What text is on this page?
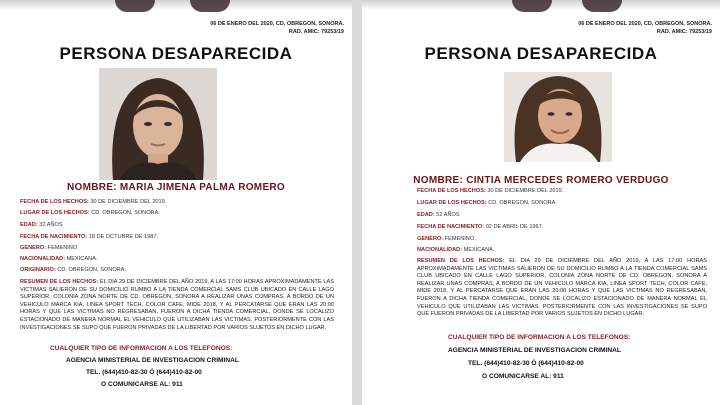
06 DE ENERO DEL 2020, CD. OBREGON, SONORA.
RAD. AMIC: 79253/19
PERSONA DESAPARECIDA
NOMBRE: MARIA JIMENA PALMA ROMERO
FECHA DE LOS HECHOS: 30 DE DICIEMBRE DEL 2019.
LUGAR DE LOS HECHOS: CD. OBREGON, SONORA.
EDAD: 32 AÑOS
FECHA DE NACIMIENTO: 18 DE OCTUBRE DE 1987.
GENERO: FEMENINO
NACIONALIDAD: MEXICANA.
ORIGINARIO: CD. OBREGON, SONORA.
RESUMEN DE LOS HECHOS: EL DIA 29 DE DICIEMBRE DEL AÑO 2019, A LAS 17:00 HORAS APROXIMADAMENTE LAS VICTIMAS SALIERON DE SU DOMICILIO RUMBO A LA TIENDA COMERCIAL SAMS CLUB UBICADO EN CALLE LAGO SUPERIOR, COLONIA ZONA NORTE DE CD. OBREGON, SONORA A REALIZAR UNAS COMPRAS, A BORDO DE UN VEHICULO MARCA KIA, LINEA SPORT TECH, COLOR CAFE, MIDE 2018, Y AL PERCATARSE QUE ERAN LAS 20:00 HORAS Y QUE LAS VICTIMAS NO REGRESABAN, FUERON A DICHA TIENDA COMERCIAL, DONDE SE LOCALIZO ESTACIONADO DE MANERA NORMAL EL VEHICULO QUE UTILIZABAN LAS VICTIMAS. POSTERIORMENTE CON LAS INVESTIGACIONES SE SUPO QUE FUERON PRIVADAS DE LA LIBERTAD POR VARIOS SUJETOS EN DICHO LUGAR.
CUALQUIER TIPO DE INFORMACION A LOS TELEFONOS:
AGENCIA MINISTERIAL DE INVESTIGACION CRIMINAL
TEL. (644)410-82-30 Ó (644)410-82-00
O COMUNICARSE AL: 911
06 DE ENERO DEL 2020, CD. OBREGON, SONORA.
RAD. AMIC: 79253/19
PERSONA DESAPARECIDA
NOMBRE: CINTIA MERCEDES ROMERO VERDUGO
FECHA DE LOS HECHOS: 30 DE DICIEMBRE DEL 2019.
LUGAR DE LOS HECHOS: CD. OBREGON, SONORA.
EDAD: 52 AÑOS
FECHA DE NACIMIENTO: 02 DE ABRIL DE 1967.
GENERO: FEMENINO.
NACIONALIDAD: MEXICANA.
RESUMEN DE LOS HECHOS: EL DIA 29 DE DICIEMBRE DEL AÑO 2019, A LAS 17:00 HORAS APROXIMADAMENTE LAS VICTIMAS SALIERON DE SU DOMICILIO RUMBO A LA TIENDA COMERCIAL SAMS CLUB UBICADO EN CALLE LAGO SUPERIOR, COLONIA ZONA NORTE DE CD. OBREGON, SONORA A REALIZAR UNAS COMPRAS, A BORDO DE UN VEHICULO MARCA KIA, LINEA SPORT TECH, COLOR CAFE, MIDE 2018, Y AL PERCATARSE QUE ERAN LAS 20:00 HORAS Y QUE LAS VICTIMAS NO REGRESABAN, FUERON A DICHA TIENDA COMERCIAL, DONDE SE LOCALIZO ESTACIONADO DE MANERA NORMAL EL VEHICULO QUE UTILIZABAN LAS VICTIMAS. POSTERIORMENTE CON LAS INVESTIGACIONES SE SUPO QUE FUERON PRIVADAS DE LA LIBERTAD POR VARIOS SUJETOS EN DICHO LUGAR.
CUALQUIER TIPO DE INFORMACION A LOS TELEFONOS:
AGENCIA MINISTERIAL DE INVESTIGACION CRIMINAL
TEL. (644)410-82-30 Ó (644)410-82-00
O COMUNICARSE AL: 911
